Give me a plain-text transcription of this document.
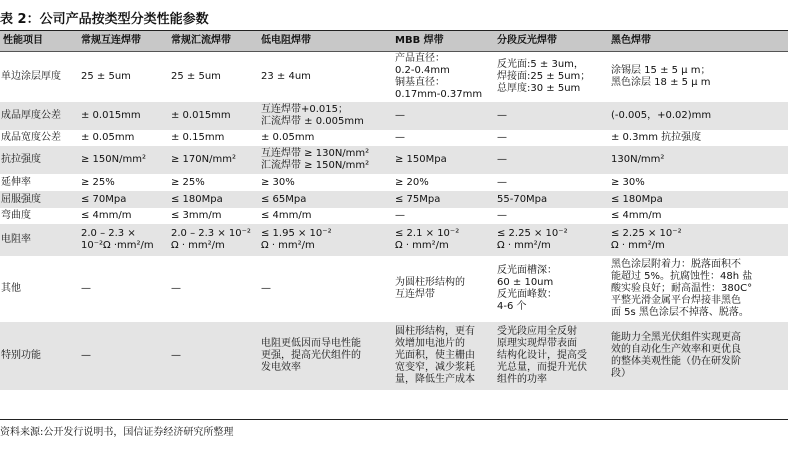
表 2：公司产品按类型分类性能参数
性能项目	常规互连焊带	常规汇流焊带	低电阻焊带	MBB 焊带	分段反光焊带	黑色焊带
单边涂层厚度	25 ± 5um	25 ± 5um	23 ± 4um	产品直径：
0.2-0.4mm
铜基直径：
0.17mm-0.37mm	反光面:5 ± 3um，
焊接面:25 ± 5um；
总厚度:30 ± 5um	涂锡层 15 ± 5 μ m；
黑色涂层 18 ± 5 μ m
成品厚度公差	± 0.015mm	± 0.015mm	互连焊带+0.015；
汇流焊带 ± 0.005mm	—	—	(-0.005，+0.02)mm
成品宽度公差	± 0.05mm	± 0.15mm	± 0.05mm	—	—	± 0.3mm 抗拉强度
抗拉强度	≥ 150N/mm²	≥ 170N/mm²	互连焊带 ≥ 130N/mm²
汇流焊带 ≥ 150N/mm²	≥ 150Mpa	—	130N/mm²
延伸率	≥ 25%	≥ 25%	≥ 30%	≥ 20%	—	≥ 30%
屈服强度	≤ 70Mpa	≤ 180Mpa	≤ 65Mpa	≤ 75Mpa	55-70Mpa	≤ 180Mpa
弯曲度	≤ 4mm/m	≤ 3mm/m	≤ 4mm/m	—	—	≤ 4mm/m
电阻率	2.0 – 2.3 ×
10⁻²Ω ·mm²/m	2.0 – 2.3 × 10⁻²
Ω · mm²/m	≤ 1.95 × 10⁻²
Ω · mm²/m	≤ 2.1 × 10⁻²
Ω · mm²/m	≤ 2.25 × 10⁻²
Ω · mm²/m	≤ 2.25 × 10⁻²
Ω · mm²/m
其他	—	—	—	为圆柱形结构的
互连焊带	反光面槽深：
60 ± 10um
反光面峰数：
4-6 个	黑色涂层附着力：脱落面积不
能超过 5%。抗腐蚀性：48h 盐
酸实验良好；耐高温性：380C°
平整光滑金属平台焊接非黑色
面 5s 黑色涂层不掉落、脱落。
特别功能	—	—	电阻更低因而导电性能
更强，提高光伏组件的
发电效率	圆柱形结构，更有
效增加电池片的
光面积，使主栅由
宽变窄，减少浆耗
量，降低生产成本	受光段应用全反射
原理实现焊带表面
结构化设计，提高受
光总量，而提升光伏
组件的功率	能助力全黑光伏组件实现更高
效的自动化生产效率和更优良
的整体美观性能（仍在研发阶
段）
资料来源:公开发行说明书，国信证券经济研究所整理
